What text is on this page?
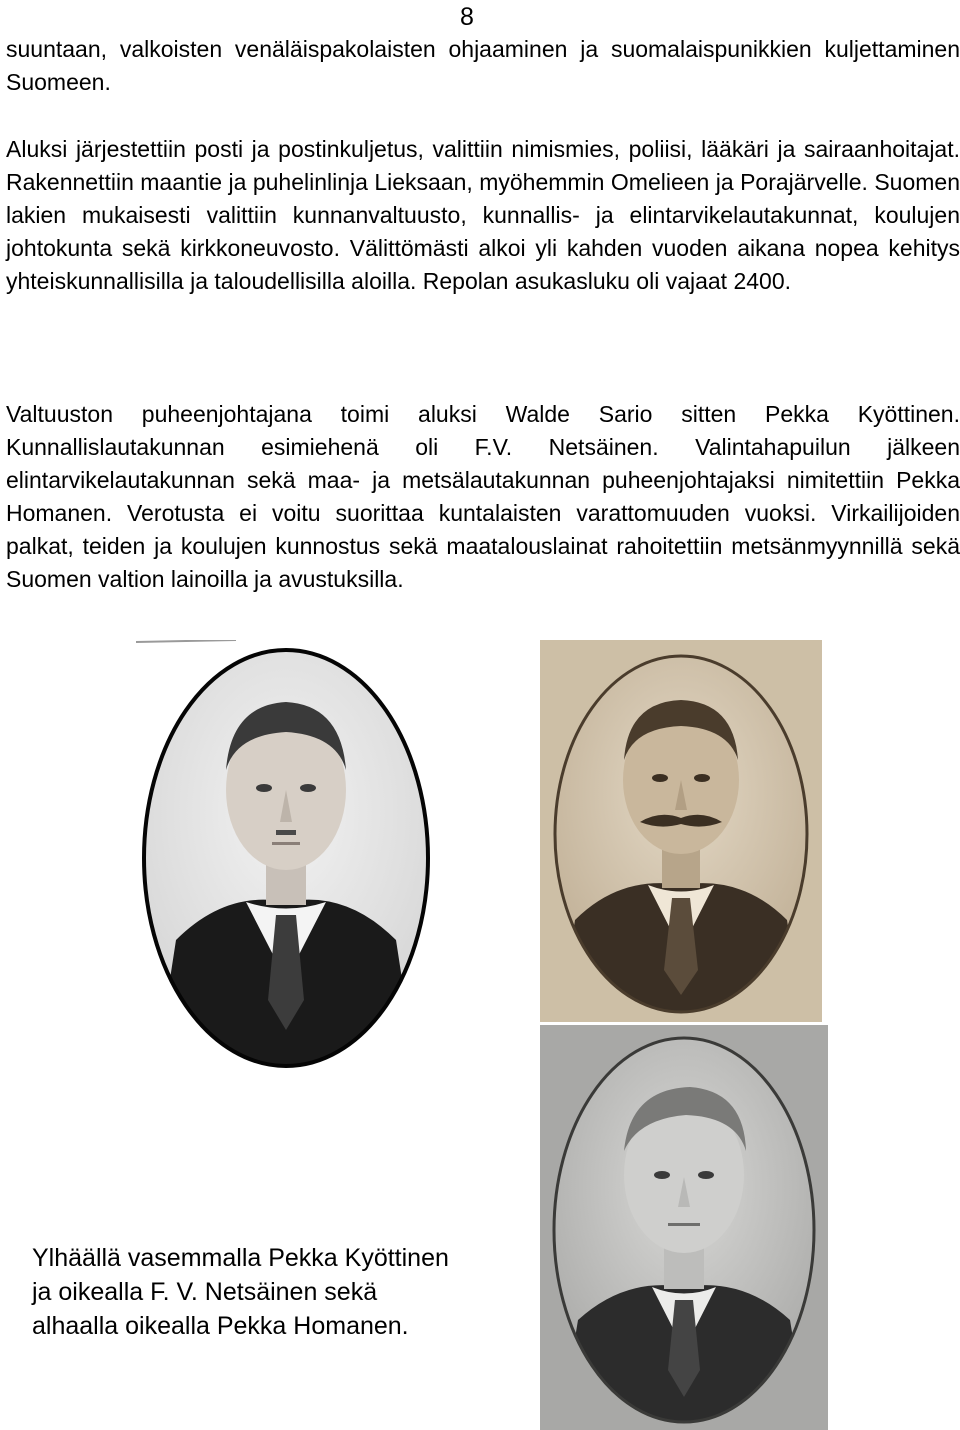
8

suuntaan, valkoisten venäläispakolaisten ohjaaminen ja suomalaispunikkien kuljettaminen Suomeen.

Aluksi järjestettiin posti ja postinkuljetus, valittiin nimismies, poliisi, lääkäri ja sairaanhoitajat. Rakennettiin maantie ja puhelinlinja Lieksaan, myöhemmin Omelieen ja Porajärvelle. Suomen lakien mukaisesti valittiin kunnanvaltuusto, kunnallis- ja elintarvikelautakunnat, koulujen johtokunta sekä kirkkoneuvosto. Välittömästi alkoi yli kahden vuoden aikana nopea kehitys yhteiskunnallisilla ja taloudellisilla aloilla. Repolan asukasluku oli vajaat 2400.

Valtuuston puheenjohtajana toimi aluksi Walde Sario sitten Pekka Kyöttinen. Kunnallislautakunnan esimiehenä oli F.V. Netsäinen. Valintahapuilun jälkeen elintarvikelautakunnan sekä maa- ja metsälautakunnan puheenjohtajaksi nimitettiin Pekka Homanen. Verotusta ei voitu suorittaa kuntalaisten varattomuuden vuoksi. Virkailijoiden palkat, teiden ja koulujen kunnostus sekä maatalouslainat rahoitettiin metsänmyynnillä sekä Suomen valtion lainoilla ja avustuksilla.

Ylhäällä vasemmalla Pekka Kyöttinen
ja oikealla F. V. Netsäinen sekä
alhaalla oikealla Pekka Homanen.
